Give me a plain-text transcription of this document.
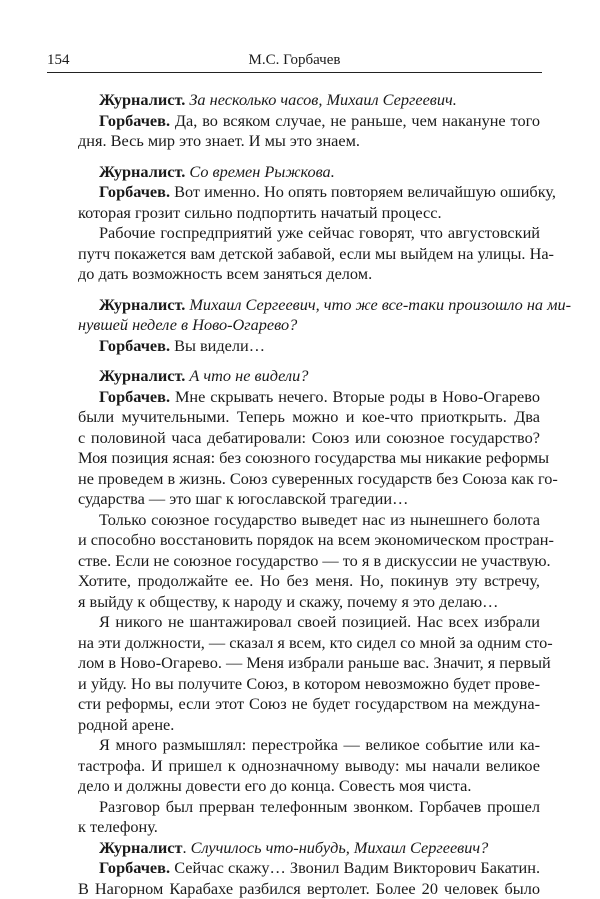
154	М.С. Горбачев
Журналист. За несколько часов, Михаил Сергеевич.
Горбачев. Да, во всяком случае, не раньше, чем накануне того
дня. Весь мир это знает. И мы это знаем.
Журналист. Со времен Рыжкова.
Горбачев. Вот именно. Но опять повторяем величайшую ошибку,
которая грозит сильно подпортить начатый процесс.
Рабочие госпредприятий уже сейчас говорят, что августовский
путч покажется вам детской забавой, если мы выйдем на улицы. На-
до дать возможность всем заняться делом.
Журналист. Михаил Сергеевич, что же все-таки произошло на ми-
нувшей неделе в Ново-Огарево?
Горбачев. Вы видели…
Журналист. А что не видели?
Горбачев. Мне скрывать нечего. Вторые роды в Ново-Огарево
были мучительными. Теперь можно и кое-что приоткрыть. Два
с половиной часа дебатировали: Союз или союзное государство?
Моя позиция ясная: без союзного государства мы никакие реформы
не проведем в жизнь. Союз суверенных государств без Союза как го-
сударства — это шаг к югославской трагедии…
Только союзное государство выведет нас из нынешнего болота
и способно восстановить порядок на всем экономическом простран-
стве. Если не союзное государство — то я в дискуссии не участвую.
Хотите, продолжайте ее. Но без меня. Но, покинув эту встречу,
я выйду к обществу, к народу и скажу, почему я это делаю…
Я никого не шантажировал своей позицией. Нас всех избрали
на эти должности, — сказал я всем, кто сидел со мной за одним сто-
лом в Ново-Огарево. — Меня избрали раньше вас. Значит, я первый
и уйду. Но вы получите Союз, в котором невозможно будет прове-
сти реформы, если этот Союз не будет государством на междуна-
родной арене.
Я много размышлял: перестройка — великое событие или ка-
тастрофа. И пришел к однозначному выводу: мы начали великое
дело и должны довести его до конца. Совесть моя чиста.
Разговор был прерван телефонным звонком. Горбачев прошел
к телефону.
Журналист. Случилось что-нибудь, Михаил Сергеевич?
Горбачев. Сейчас скажу… Звонил Вадим Викторович Бакатин.
В Нагорном Карабахе разбился вертолет. Более 20 человек было
